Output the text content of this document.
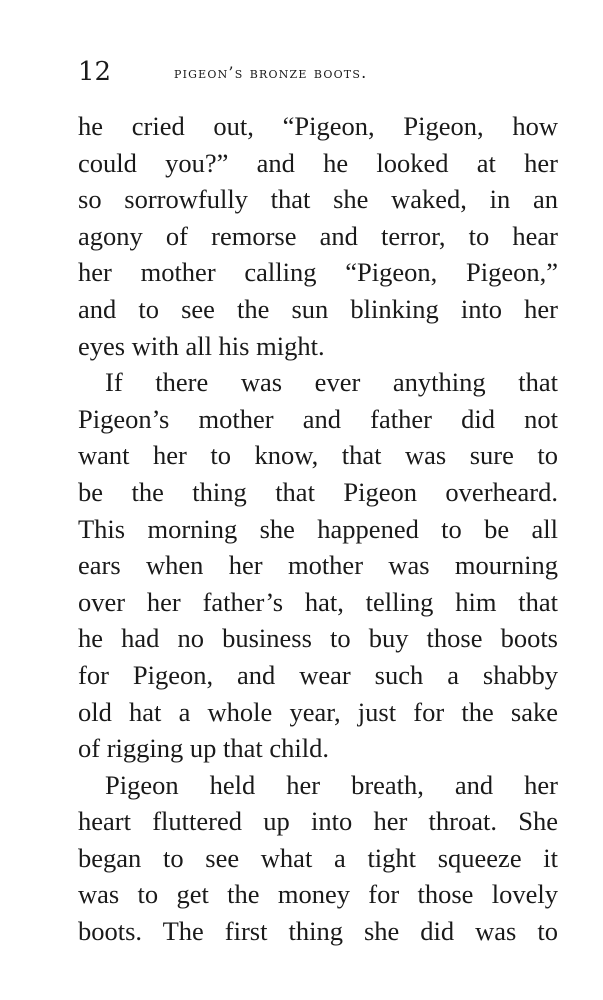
12	pigeon’s bronze boots.
he cried out, “Pigeon, Pigeon, how
could you?” and he looked at her
so sorrowfully that she waked, in an
agony of remorse and terror, to hear
her mother calling “Pigeon, Pigeon,”
and to see the sun blinking into her
eyes with all his might.
If there was ever anything that
Pigeon’s mother and father did not
want her to know, that was sure to
be the thing that Pigeon overheard.
This morning she happened to be all
ears when her mother was mourning
over her father’s hat, telling him that
he had no business to buy those boots
for Pigeon, and wear such a shabby
old hat a whole year, just for the sake
of rigging up that child.
Pigeon held her breath, and her
heart fluttered up into her throat. She
began to see what a tight squeeze it
was to get the money for those lovely
boots. The first thing she did was to
